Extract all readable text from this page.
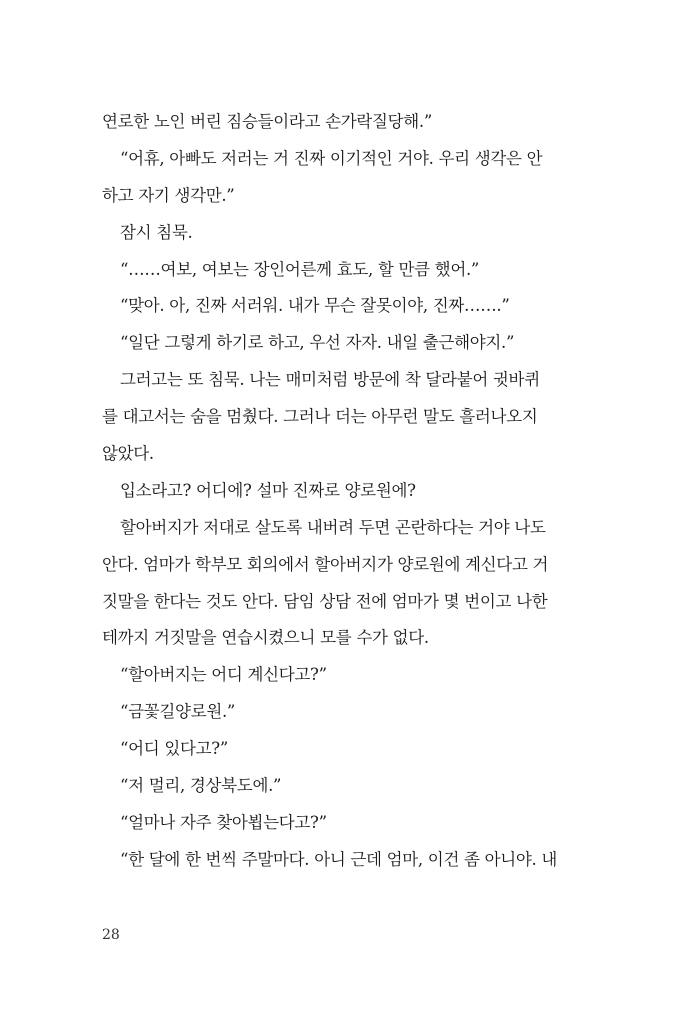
연로한 노인 버린 짐승들이라고 손가락질당해.”
“어휴, 아빠도 저러는 거 진짜 이기적인 거야. 우리 생각은 안
하고 자기 생각만.”
잠시 침묵.
“……여보, 여보는 장인어른께 효도, 할 만큼 했어.”
“맞아. 아, 진짜 서러워. 내가 무슨 잘못이야, 진짜…….”
“일단 그렇게 하기로 하고, 우선 자자. 내일 출근해야지.”
그러고는 또 침묵. 나는 매미처럼 방문에 착 달라붙어 귓바퀴
를 대고서는 숨을 멈췄다. 그러나 더는 아무런 말도 흘러나오지
않았다.
입소라고? 어디에? 설마 진짜로 양로원에?
할아버지가 저대로 살도록 내버려 두면 곤란하다는 거야 나도
안다. 엄마가 학부모 회의에서 할아버지가 양로원에 계신다고 거
짓말을 한다는 것도 안다. 담임 상담 전에 엄마가 몇 번이고 나한
테까지 거짓말을 연습시켰으니 모를 수가 없다.
“할아버지는 어디 계신다고?”
“금꽃길양로원.”
“어디 있다고?”
“저 멀리, 경상북도에.”
“얼마나 자주 찾아뵙는다고?”
“한 달에 한 번씩 주말마다. 아니 근데 엄마, 이건 좀 아니야. 내
28
